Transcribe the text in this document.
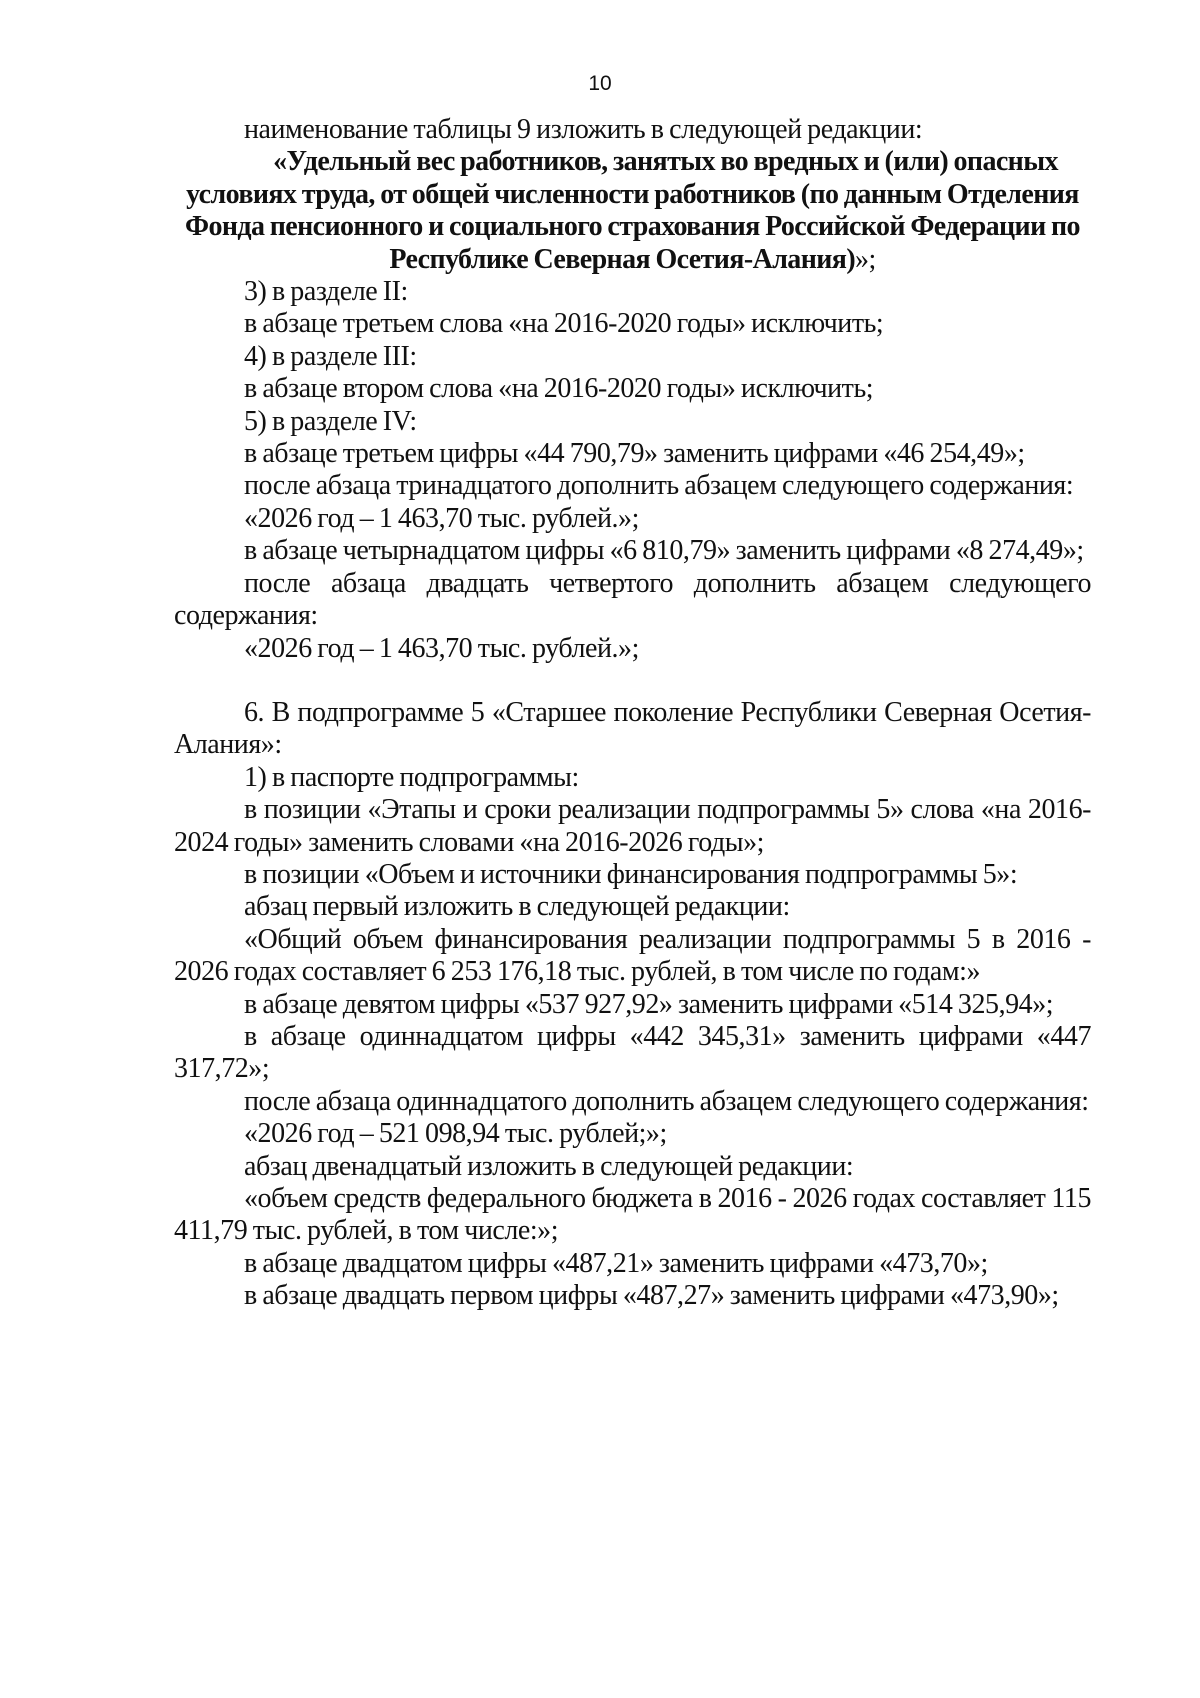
10

наименование таблицы 9 изложить в следующей редакции:

«Удельный вес работников, занятых во вредных и (или) опасных
условиях труда, от общей численности работников (по данным Отделения Фонда пенсионного и социального страхования Российской Федерации по Республике Северная Осетия-Алания)»;

3) в разделе II:

в абзаце третьем слова «на 2016-2020 годы» исключить;

4) в разделе III:

в абзаце втором слова «на 2016-2020 годы» исключить;

5) в разделе IV:

в абзаце третьем цифры «44 790,79» заменить цифрами «46 254,49»;

после абзаца тринадцатого дополнить абзацем следующего содержания:

«2026 год – 1 463,70 тыс. рублей.»;

в абзаце четырнадцатом цифры «6 810,79» заменить цифрами «8 274,49»;

после абзаца двадцать четвертого дополнить абзацем следующего содержания:

«2026 год – 1 463,70 тыс. рублей.»;

6. В подпрограмме 5 «Старшее поколение Республики Северная Осетия-Алания»:

1) в паспорте подпрограммы:

в позиции «Этапы и сроки реализации подпрограммы 5» слова «на 2016-2024 годы» заменить словами «на 2016-2026 годы»;

в позиции «Объем и источники финансирования подпрограммы 5»:

абзац первый изложить в следующей редакции:

«Общий объем финансирования реализации подпрограммы 5 в 2016 - 2026 годах составляет 6 253 176,18 тыс. рублей, в том числе по годам:»

в абзаце девятом цифры «537 927,92» заменить цифрами «514 325,94»;

в абзаце одиннадцатом цифры «442 345,31» заменить цифрами «447 317,72»;

после абзаца одиннадцатого дополнить абзацем следующего содержания:

«2026 год – 521 098,94 тыс. рублей;»;

абзац двенадцатый изложить в следующей редакции:

«объем средств федерального бюджета в 2016 - 2026 годах составляет 115 411,79 тыс. рублей, в том числе:»;

в абзаце двадцатом цифры «487,21» заменить цифрами «473,70»;

в абзаце двадцать первом цифры «487,27» заменить цифрами «473,90»;
